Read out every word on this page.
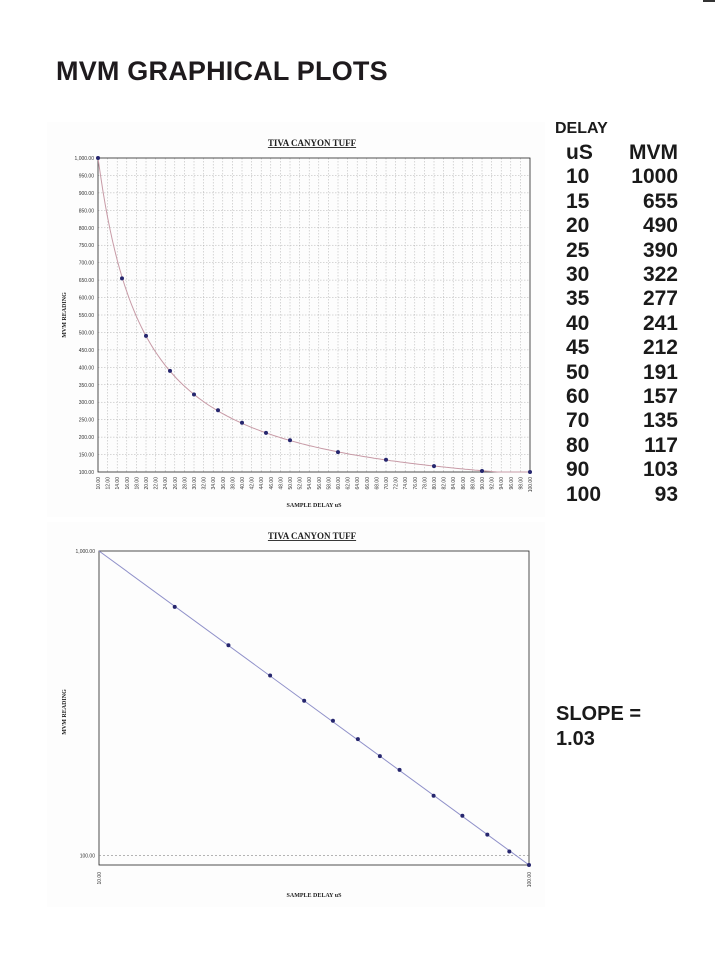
MVM GRAPHICAL PLOTS
TIVA CANYON TUFF
10.00 12.00 14.00 16.00 18.00 20.00 22.00 24.00 26.00 28.00 30.00 32.00 34.00 36.00 38.00 40.00 42.00 44.00 46.00 48.00 50.00 52.00 54.00 56.00 58.00 60.00 62.00 64.00 66.00 68.00 70.00 72.00 74.00 76.00 78.00 80.00 82.00 84.00 86.00 88.00 90.00 92.00 94.00 96.00 98.00 100.00
100.00
150.00
200.00
250.00
300.00
350.00
400.00
450.00
500.00
550.00
600.00
650.00
700.00
750.00
800.00
850.00
900.00
950.00
1,000.00
SAMPLE DELAY uS
MVM READING
TIVA CANYON TUFF
10.00	100.00
100.00
1,000.00
SAMPLE DELAY uS
MVM READING
DELAY
uS
10
15
20
25
30
35
40
45
50
60
70
80
90
100
MVM
1000
655
490
390
322
277
241
212
191
157
135
117
103
93
SLOPE =
1.03
